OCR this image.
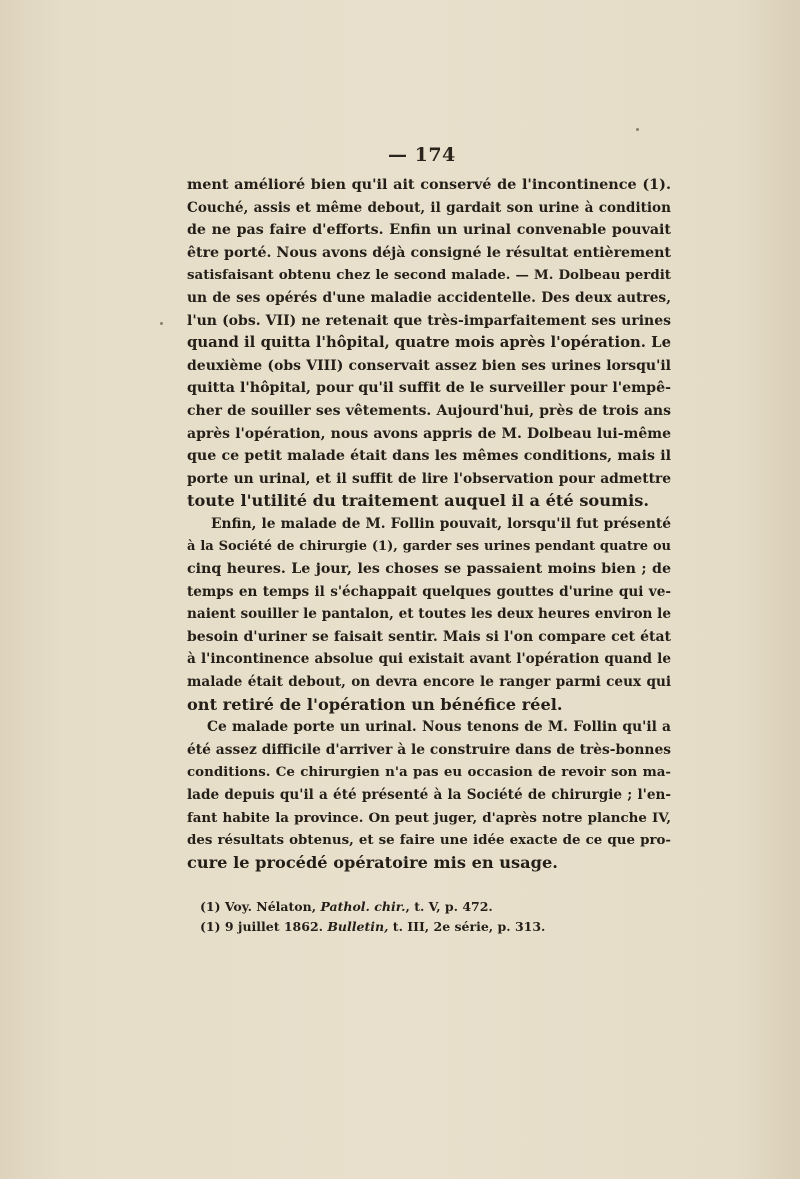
— 174
ment amélioré bien qu'il ait conservé de l'incontinence (1).
Couché, assis et même debout, il gardait son urine à condition
de ne pas faire d'efforts. Enfin un urinal convenable pouvait
être porté. Nous avons déjà consigné le résultat entièrement
satisfaisant obtenu chez le second malade. — M. Dolbeau perdit
un de ses opérés d'une maladie accidentelle. Des deux autres,
l'un (obs. VII) ne retenait que très-imparfaitement ses urines
quand il quitta l'hôpital, quatre mois après l'opération. Le
deuxième (obs VIII) conservait assez bien ses urines lorsqu'il
quitta l'hôpital, pour qu'il suffit de le surveiller pour l'empê-
cher de souiller ses vêtements. Aujourd'hui, près de trois ans
après l'opération, nous avons appris de M. Dolbeau lui-même
que ce petit malade était dans les mêmes conditions, mais il
porte un urinal, et il suffit de lire l'observation pour admettre
toute l'utilité du traitement auquel il a été soumis.
Enfin, le malade de M. Follin pouvait, lorsqu'il fut présenté
à la Société de chirurgie (1), garder ses urines pendant quatre ou
cinq heures. Le jour, les choses se passaient moins bien ; de
temps en temps il s'échappait quelques gouttes d'urine qui ve-
naient souiller le pantalon, et toutes les deux heures environ le
besoin d'uriner se faisait sentir. Mais si l'on compare cet état
à l'incontinence absolue qui existait avant l'opération quand le
malade était debout, on devra encore le ranger parmi ceux qui
ont retiré de l'opération un bénéfice réel.
Ce malade porte un urinal. Nous tenons de M. Follin qu'il a
été assez difficile d'arriver à le construire dans de très-bonnes
conditions. Ce chirurgien n'a pas eu occasion de revoir son ma-
lade depuis qu'il a été présenté à la Société de chirurgie ; l'en-
fant habite la province. On peut juger, d'après notre planche IV,
des résultats obtenus, et se faire une idée exacte de ce que pro-
cure le procédé opératoire mis en usage.
(1) Voy. Nélaton, Pathol. chir., t. V, p. 472.
(1) 9 juillet 1862. Bulletin, t. III, 2e série, p. 313.
